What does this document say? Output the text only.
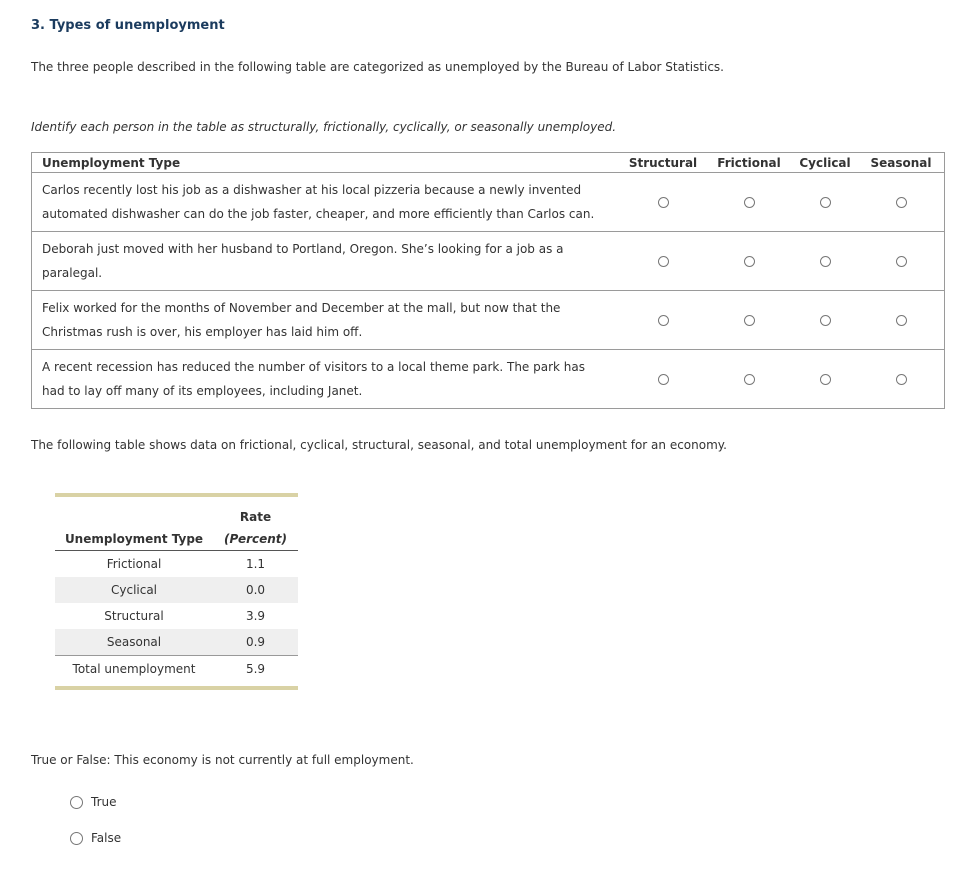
3. Types of unemployment
The three people described in the following table are categorized as unemployed by the Bureau of Labor Statistics.
Identify each person in the table as structurally, frictionally, cyclically, or seasonally unemployed.
Unemployment Type	Structural	Frictional	Cyclical	Seasonal
Carlos recently lost his job as a dishwasher at his local pizzeria because a newly invented
automated dishwasher can do the job faster, cheaper, and more efficiently than Carlos can.				
Deborah just moved with her husband to Portland, Oregon. She’s looking for a job as a
paralegal.				
Felix worked for the months of November and December at the mall, but now that the
Christmas rush is over, his employer has laid him off.				
A recent recession has reduced the number of visitors to a local theme park. The park has
had to lay off many of its employees, including Janet.				
The following table shows data on frictional, cyclical, structural, seasonal, and total unemployment for an economy.
	Rate
Unemployment Type	(Percent)
Frictional	1.1
Cyclical	0.0
Structural	3.9
Seasonal	0.9
Total unemployment	5.9
True or False: This economy is not currently at full employment.
True
False
